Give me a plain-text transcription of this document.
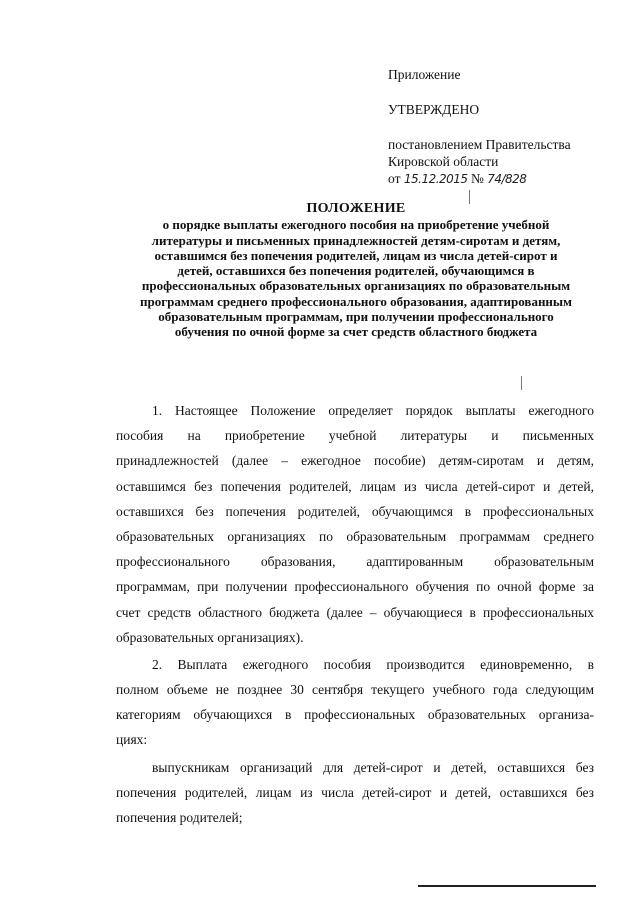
Приложение
УТВЕРЖДЕНО
постановлением Правительства
Кировской области
от 15.12.2015 № 74/828
ПОЛОЖЕНИЕ
о порядке выплаты ежегодного пособия на приобретение учебной
литературы и письменных принадлежностей детям-сиротам и детям,
оставшимся без попечения родителей, лицам из числа детей-сирот и
детей, оставшихся без попечения родителей, обучающимся в
профессиональных образовательных организациях по образовательным
программам среднего профессионального образования, адаптированным
образовательным программам, при получении профессионального
обучения по очной форме за счет средств областного бюджета
1. Настоящее Положение определяет порядок выплаты ежегодного
пособия на приобретение учебной литературы и письменных
принадлежностей (далее – ежегодное пособие) детям-сиротам и детям,
оставшимся без попечения родителей, лицам из числа детей-сирот и детей,
оставшихся без попечения родителей, обучающимся в профессиональных
образовательных организациях по образовательным программам среднего
профессионального образования, адаптированным образовательным
программам, при получении профессионального обучения по очной форме за
счет средств областного бюджета (далее – обучающиеся в профессиональных
образовательных организациях).
2. Выплата ежегодного пособия производится единовременно, в
полном объеме не позднее 30 сентября текущего учебного года следующим
категориям обучающихся в профессиональных образовательных организа-
циях:
выпускникам организаций для детей-сирот и детей, оставшихся без
попечения родителей, лицам из числа детей-сирот и детей, оставшихся без
попечения родителей;
